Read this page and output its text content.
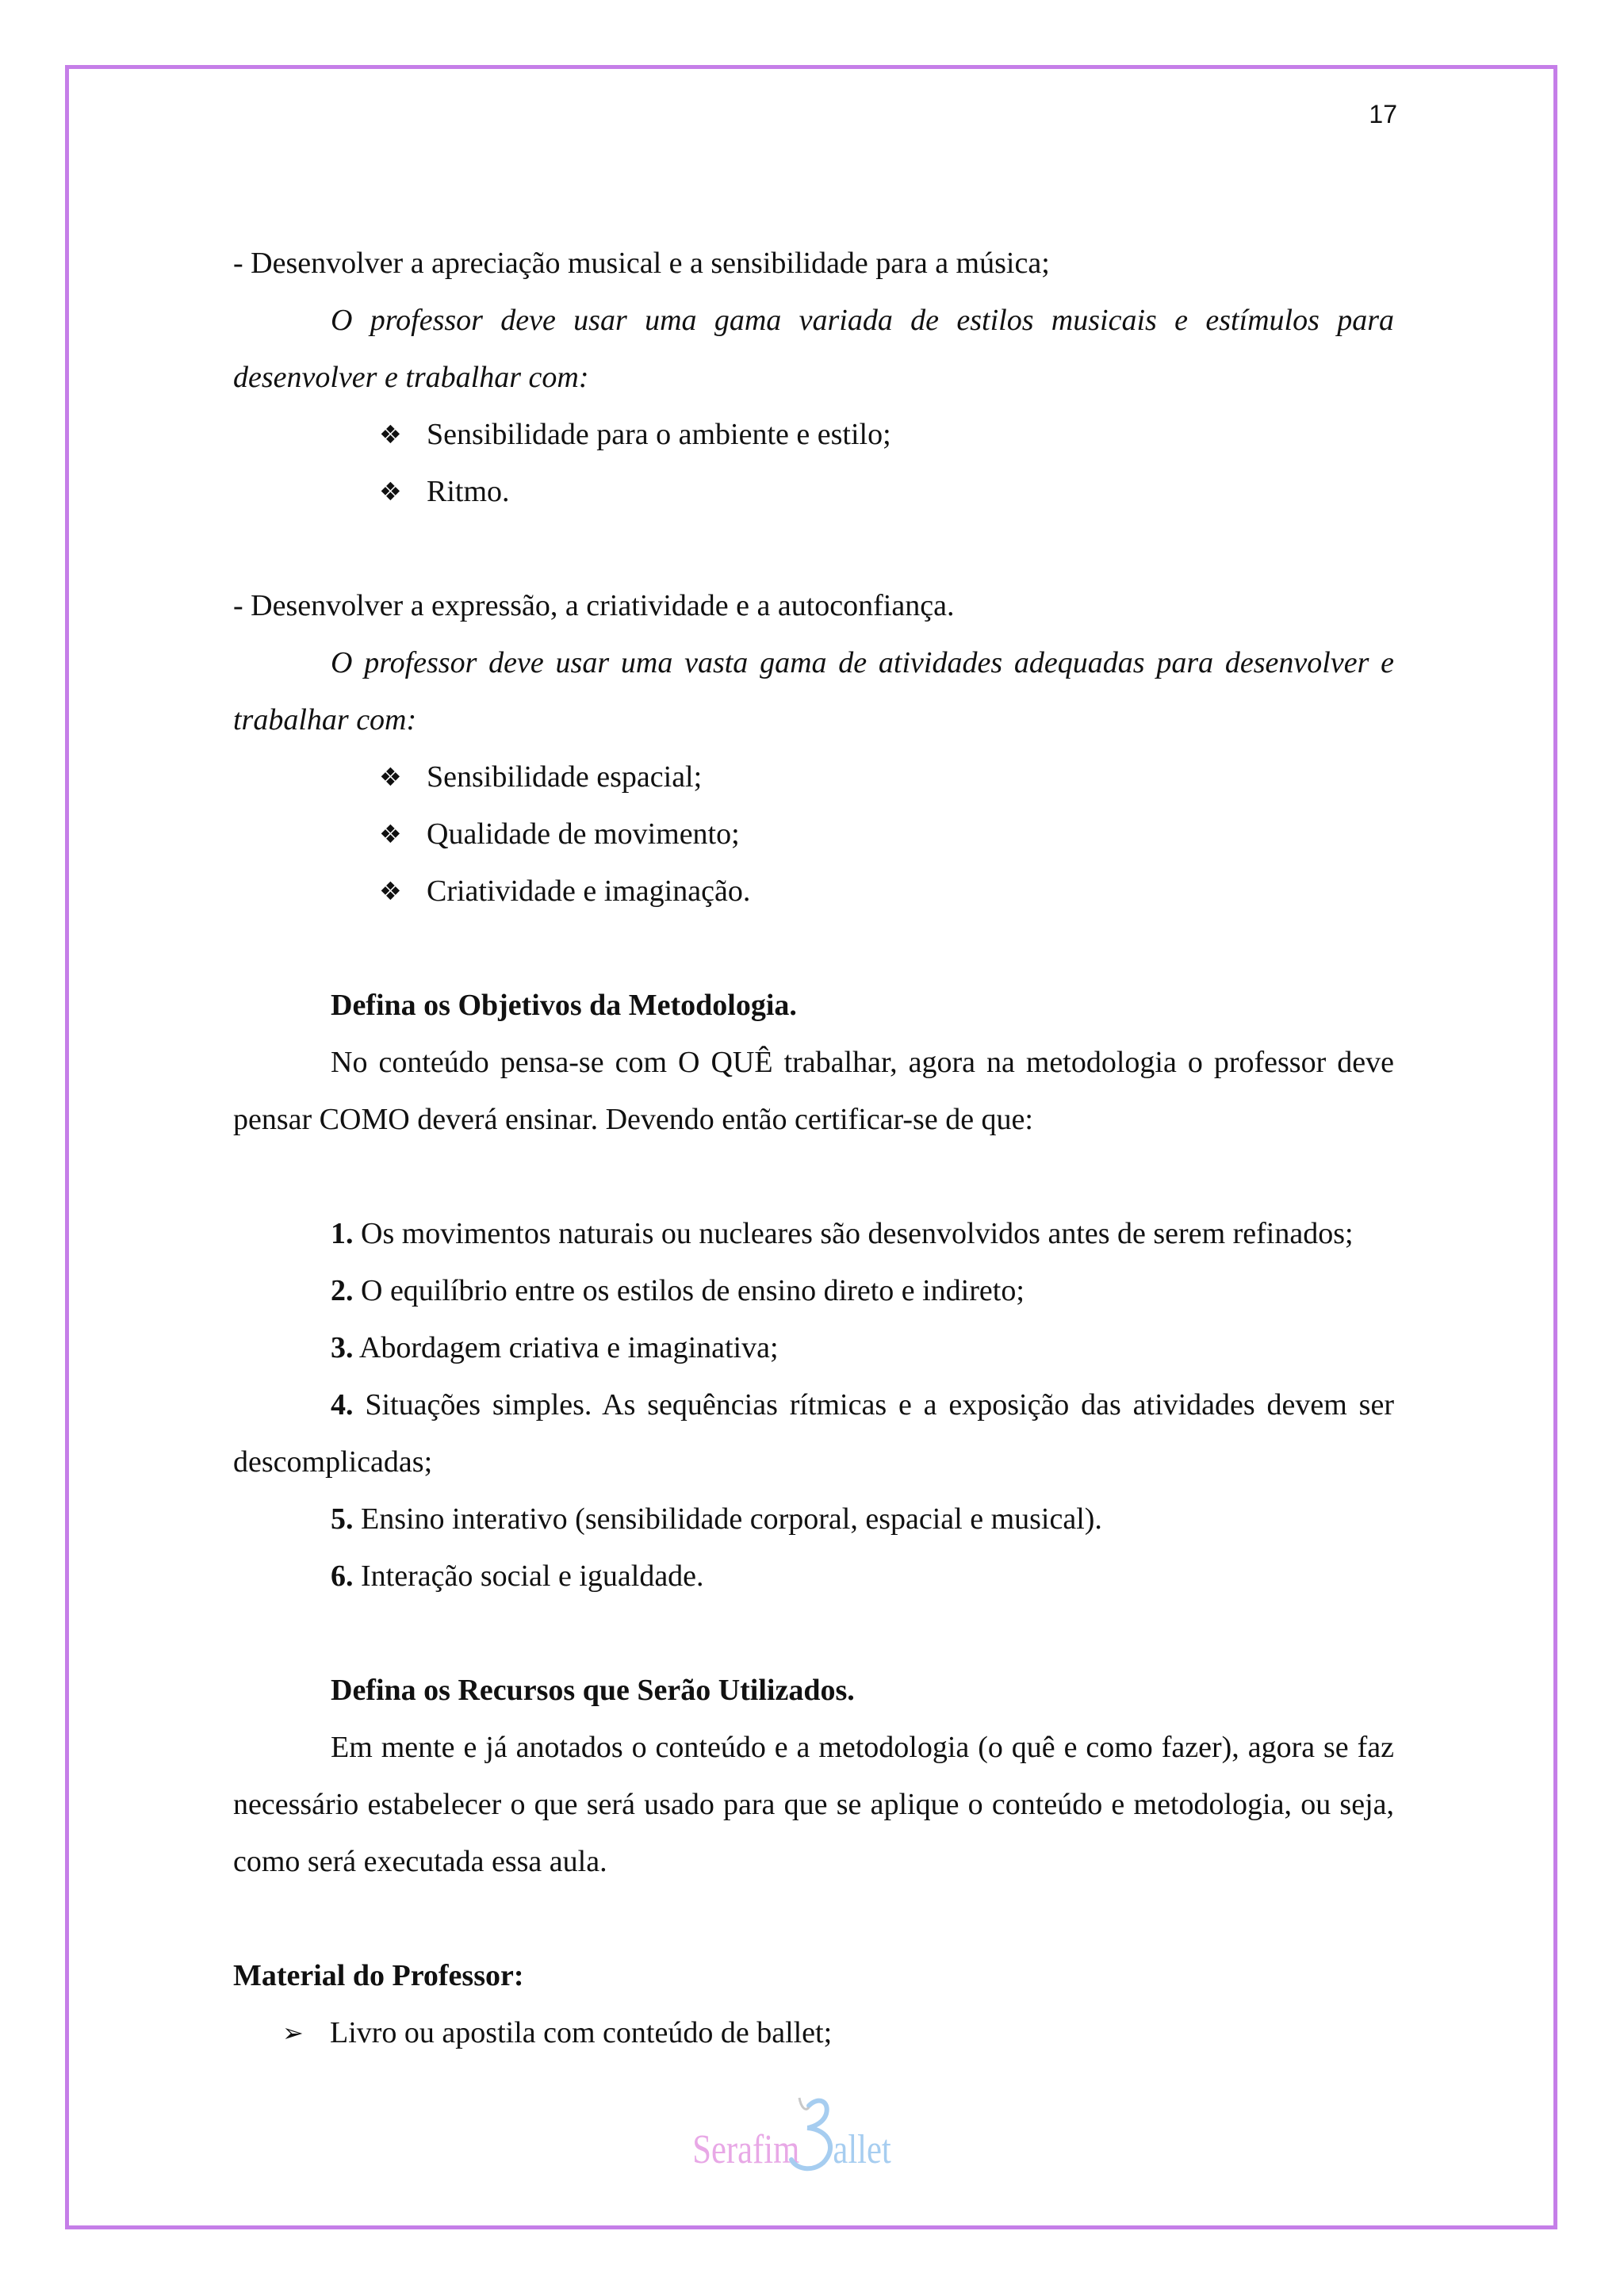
17

- Desenvolver a apreciação musical e a sensibilidade para a música;

O professor deve usar uma gama variada de estilos musicais e estímulos para desenvolver e trabalhar com:

❖ Sensibilidade para o ambiente e estilo;
❖ Ritmo.

- Desenvolver a expressão, a criatividade e a autoconfiança.

O professor deve usar uma vasta gama de atividades adequadas para desenvolver e trabalhar com:

❖ Sensibilidade espacial;
❖ Qualidade de movimento;
❖ Criatividade e imaginação.

Defina os Objetivos da Metodologia.

No conteúdo pensa-se com O QUÊ trabalhar, agora na metodologia o professor deve pensar COMO deverá ensinar. Devendo então certificar-se de que:

1. Os movimentos naturais ou nucleares são desenvolvidos antes de serem refinados;

2. O equilíbrio entre os estilos de ensino direto e indireto;

3. Abordagem criativa e imaginativa;

4. Situações simples. As sequências rítmicas e a exposição das atividades devem ser descomplicadas;

5. Ensino interativo (sensibilidade corporal, espacial e musical).

6. Interação social e igualdade.

Defina os Recursos que Serão Utilizados.

Em mente e já anotados o conteúdo e a metodologia (o quê e como fazer), agora se faz necessário estabelecer o que será usado para que se aplique o conteúdo e metodologia, ou seja, como será executada essa aula.

Material do Professor:

➢ Livro ou apostila com conteúdo de ballet;
Serafim allet
